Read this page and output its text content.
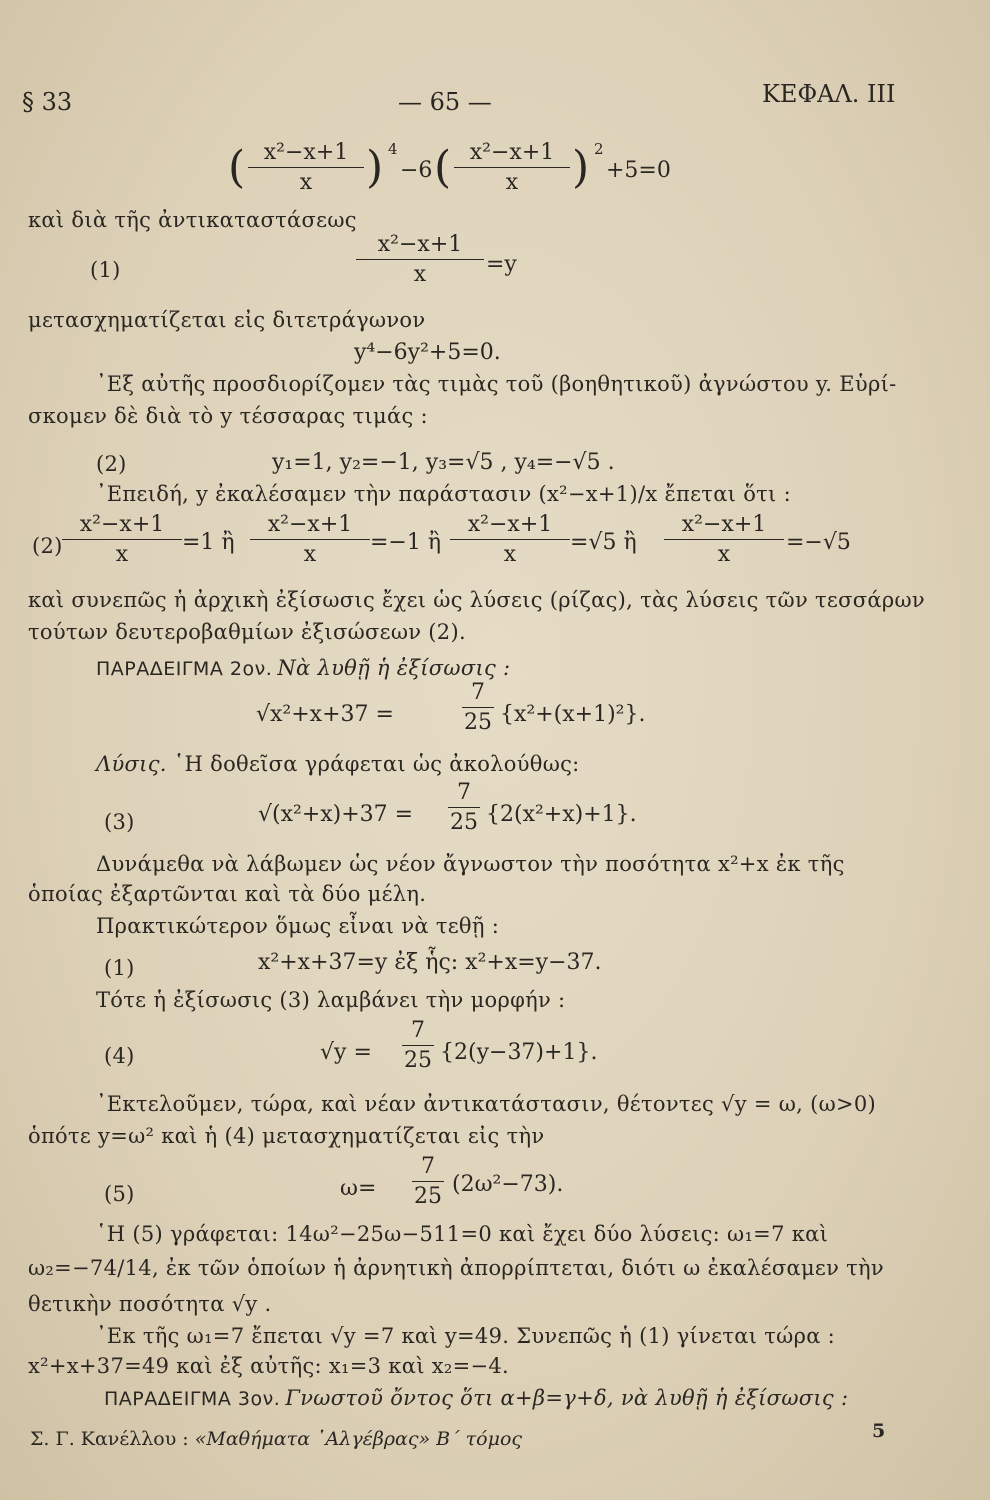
§ 33	— 65 —	ΚΕΦΑΛ. ΙΙΙ
( x²−x+1
x	) 4
−6 ( x²−x+1
x	) 2
+5=0
καὶ διὰ τῆς ἀντικαταστάσεως
(1)
x²−x+1
x	=y
μετασχηματίζεται εἰς διτετράγωνον
y⁴−6y²+5=0.
᾽Εξ αὐτῆς προσδιορίζομεν τὰς τιμὰς τοῦ (βοηθητικοῦ) ἀγνώστου y. Εὑρί-
σκομεν δὲ διὰ τὸ y τέσσαρας τιμάς :
(2)	y₁=1, y₂=−1, y₃=√5 , y₄=−√5 .
᾽Επειδή, y ἐκαλέσαμεν τὴν παράστασιν (x²−x+1)/x ἔπεται ὅτι :
(2)
x²−x+1
x	=1 ἢ
x²−x+1
x	=−1 ἢ
x²−x+1
x	=√5 ἢ
x²−x+1
x	=−√5
καὶ συνεπῶς ἡ ἀρχικὴ ἐξίσωσις ἔχει ὡς λύσεις (ρίζας), τὰς λύσεις τῶν τεσσάρων
τούτων δευτεροβαθμίων ἐξισώσεων (2).
ΠΑΡΑΔΕΙΓΜΑ 2ον. Νὰ λυθῇ ἡ ἐξίσωσις :
√x²+x+37 =
7
25 {x²+(x+1)²}.
Λύσις. ῾Η δοθεῖσα γράφεται ὡς ἀκολούθως:
(3)	√(x²+x)+37 =
7
25 {2(x²+x)+1}.
Δυνάμεθα νὰ λάβωμεν ὡς νέον ἄγνωστον τὴν ποσότητα x²+x ἐκ τῆς
ὁποίας ἐξαρτῶνται καὶ τὰ δύο μέλη.
Πρακτικώτερον ὅμως εἶναι νὰ τεθῇ :
(1)	x²+x+37=y ἐξ ἧς: x²+x=y−37.
Τότε ἡ ἐξίσωσις (3) λαμβάνει τὴν μορφήν :
(4)	√y =
7
25 {2(y−37)+1}.
᾽Εκτελοῦμεν, τώρα, καὶ νέαν ἀντικατάστασιν, θέτοντες √y = ω, (ω>0)
ὁπότε y=ω² καὶ ἡ (4) μετασχηματίζεται εἰς τὴν
(5)	ω=
7
25 (2ω²−73).
῾Η (5) γράφεται: 14ω²−25ω−511=0 καὶ ἔχει δύο λύσεις: ω₁=7 καὶ
ω₂=−74/14, ἐκ τῶν ὁποίων ἡ ἀρνητικὴ ἀπορρίπτεται, διότι ω ἐκαλέσαμεν τὴν
θετικὴν ποσότητα √y .
᾽Εκ τῆς ω₁=7 ἔπεται √y =7 καὶ y=49. Συνεπῶς ἡ (1) γίνεται τώρα :
x²+x+37=49 καὶ ἐξ αὐτῆς: x₁=3 καὶ x₂=−4.
ΠΑΡΑΔΕΙΓΜΑ 3ον. Γνωστοῦ ὄντος ὅτι α+β=γ+δ, νὰ λυθῇ ἡ ἐξίσωσις :
Σ. Γ. Κανέλλου : «Μαθήματα ᾽Αλγέβρας» Β΄ τόμος	5
